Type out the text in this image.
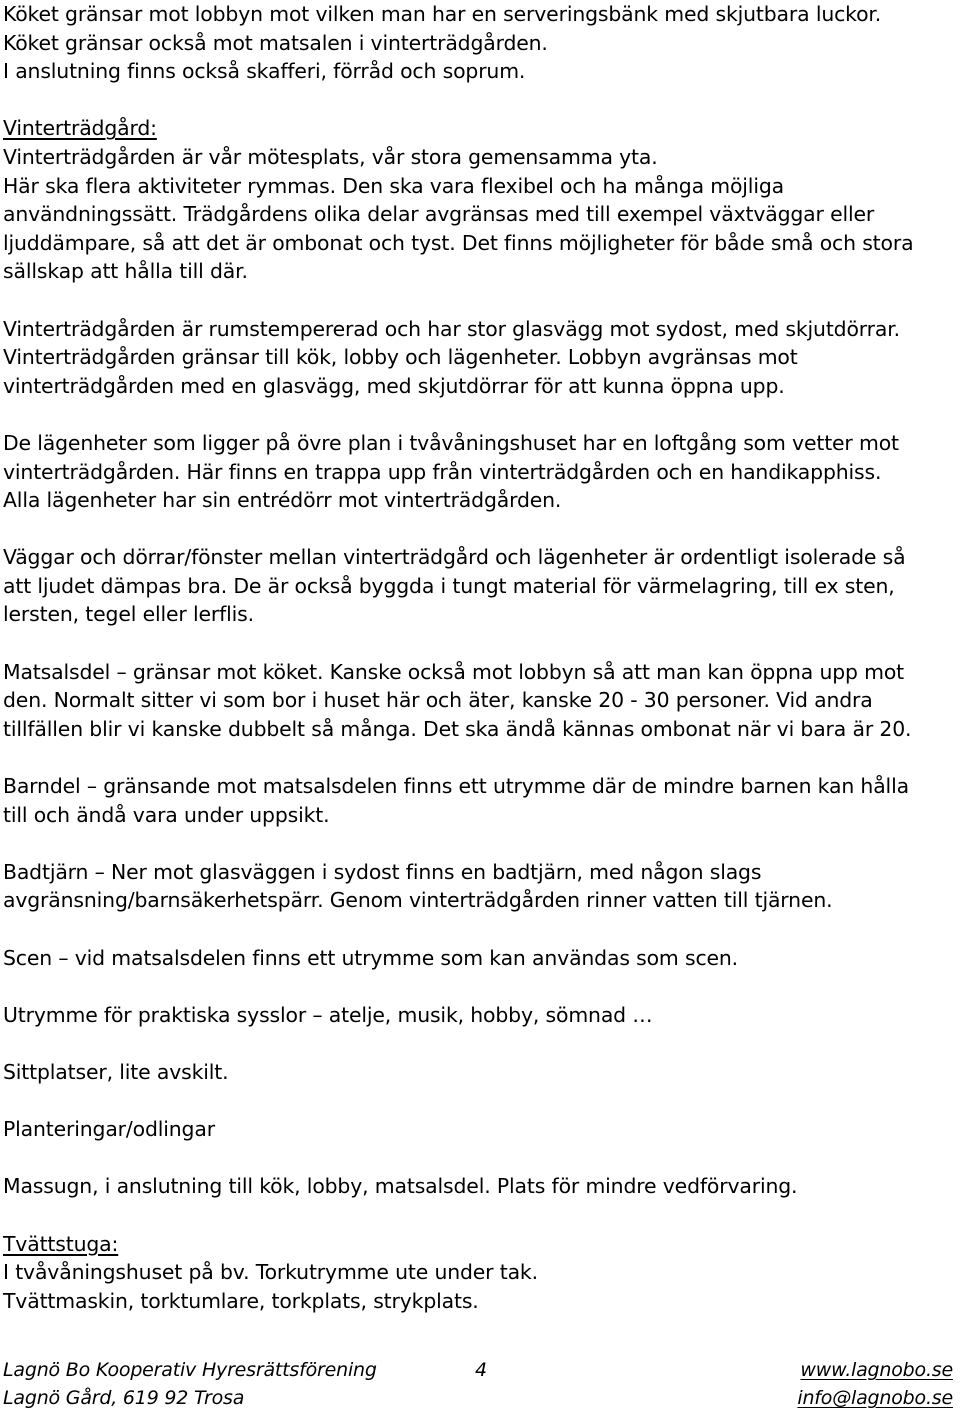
Köket gränsar mot lobbyn mot vilken man har en serveringsbänk med skjutbara luckor.
Köket gränsar också mot matsalen i vinterträdgården.
I anslutning finns också skafferi, förråd och soprum.
Vinterträdgård:
Vinterträdgården är vår mötesplats, vår stora gemensamma yta.
Här ska flera aktiviteter rymmas. Den ska vara flexibel och ha många möjliga
användningssätt. Trädgårdens olika delar avgränsas med till exempel växtväggar eller
ljuddämpare, så att det är ombonat och tyst. Det finns möjligheter för både små och stora
sällskap att hålla till där.
Vinterträdgården är rumstempererad och har stor glasvägg mot sydost, med skjutdörrar.
Vinterträdgården gränsar till kök, lobby och lägenheter. Lobbyn avgränsas mot
vinterträdgården med en glasvägg, med skjutdörrar för att kunna öppna upp.
De lägenheter som ligger på övre plan i tvåvåningshuset har en loftgång som vetter mot
vinterträdgården. Här finns en trappa upp från vinterträdgården och en handikapphiss.
Alla lägenheter har sin entrédörr mot vinterträdgården.
Väggar och dörrar/fönster mellan vinterträdgård och lägenheter är ordentligt isolerade så
att ljudet dämpas bra. De är också byggda i tungt material för värmelagring, till ex sten,
lersten, tegel eller lerflis.
Matsalsdel – gränsar mot köket. Kanske också mot lobbyn så att man kan öppna upp mot
den. Normalt sitter vi som bor i huset här och äter, kanske 20 - 30 personer. Vid andra
tillfällen blir vi kanske dubbelt så många. Det ska ändå kännas ombonat när vi bara är 20.
Barndel – gränsande mot matsalsdelen finns ett utrymme där de mindre barnen kan hålla
till och ändå vara under uppsikt.
Badtjärn – Ner mot glasväggen i sydost finns en badtjärn, med någon slags
avgränsning/barnsäkerhetspärr. Genom vinterträdgården rinner vatten till tjärnen.
Scen – vid matsalsdelen finns ett utrymme som kan användas som scen.
Utrymme för praktiska sysslor – atelje, musik, hobby, sömnad …
Sittplatser, lite avskilt.
Planteringar/odlingar
Massugn, i anslutning till kök, lobby, matsalsdel. Plats för mindre vedförvaring.
Tvättstuga:
I tvåvåningshuset på bv. Torkutrymme ute under tak.
Tvättmaskin, torktumlare, torkplats, strykplats.
Lagnö Bo Kooperativ Hyresrättsförening	4	www.lagnobo.se
Lagnö Gård, 619 92 Trosa	info@lagnobo.se
